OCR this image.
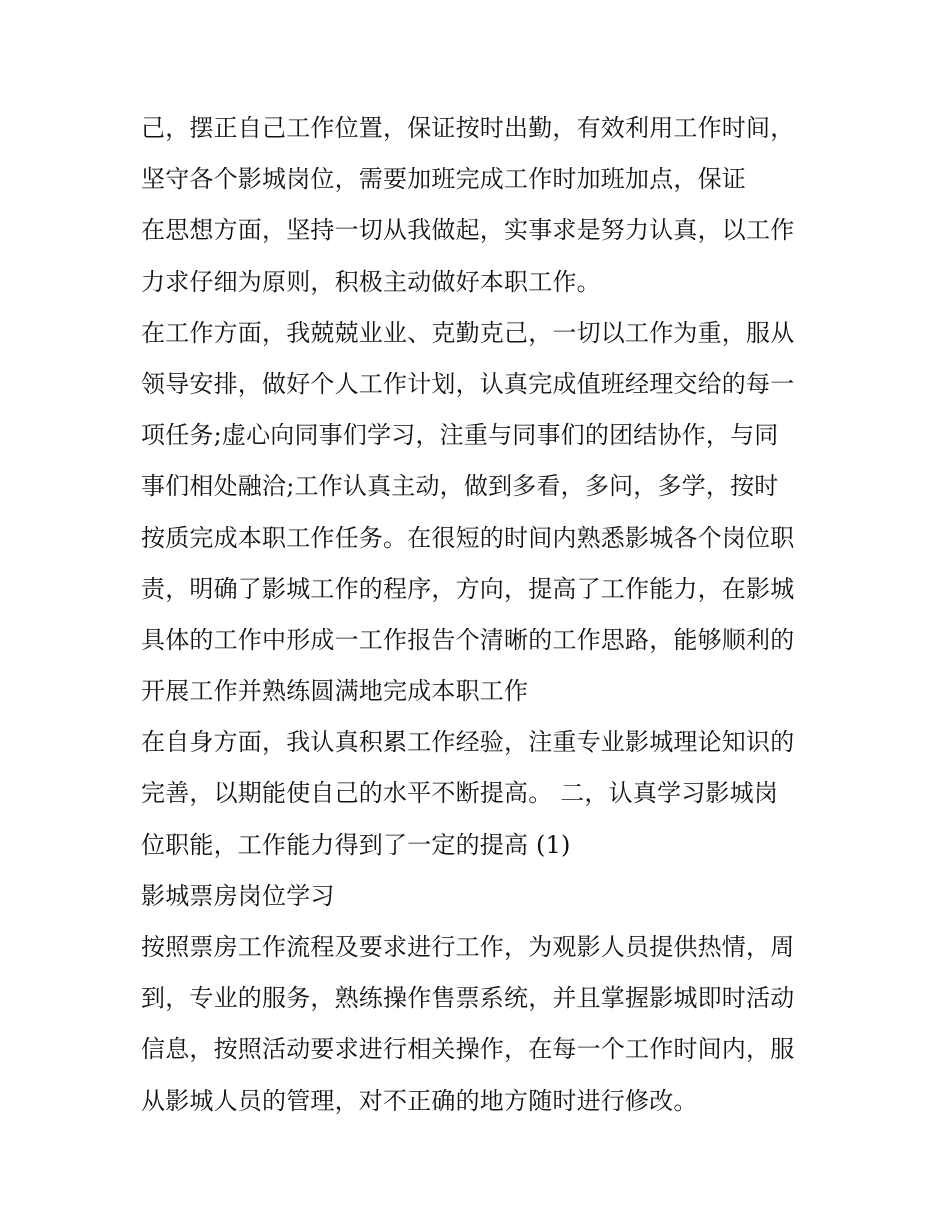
己，摆正自己工作位置，保证按时出勤，有效利用工作时间，
坚守各个影城岗位，需要加班完成工作时加班加点，保证
在思想方面，坚持一切从我做起，实事求是努力认真，以工作
力求仔细为原则，积极主动做好本职工作。
在工作方面，我兢兢业业、克勤克己，一切以工作为重，服从
领导安排，做好个人工作计划，认真完成值班经理交给的每一
项任务;虚心向同事们学习，注重与同事们的团结协作，与同
事们相处融洽;工作认真主动，做到多看，多问，多学，按时
按质完成本职工作任务。在很短的时间内熟悉影城各个岗位职
责，明确了影城工作的程序，方向，提高了工作能力，在影城
具体的工作中形成一工作报告个清晰的工作思路，能够顺利的
开展工作并熟练圆满地完成本职工作
在自身方面，我认真积累工作经验，注重专业影城理论知识的
完善，以期能使自己的水平不断提高。 二，认真学习影城岗
位职能，工作能力得到了一定的提高 (1)
影城票房岗位学习
按照票房工作流程及要求进行工作，为观影人员提供热情，周
到，专业的服务，熟练操作售票系统，并且掌握影城即时活动
信息，按照活动要求进行相关操作，在每一个工作时间内，服
从影城人员的管理，对不正确的地方随时进行修改。
